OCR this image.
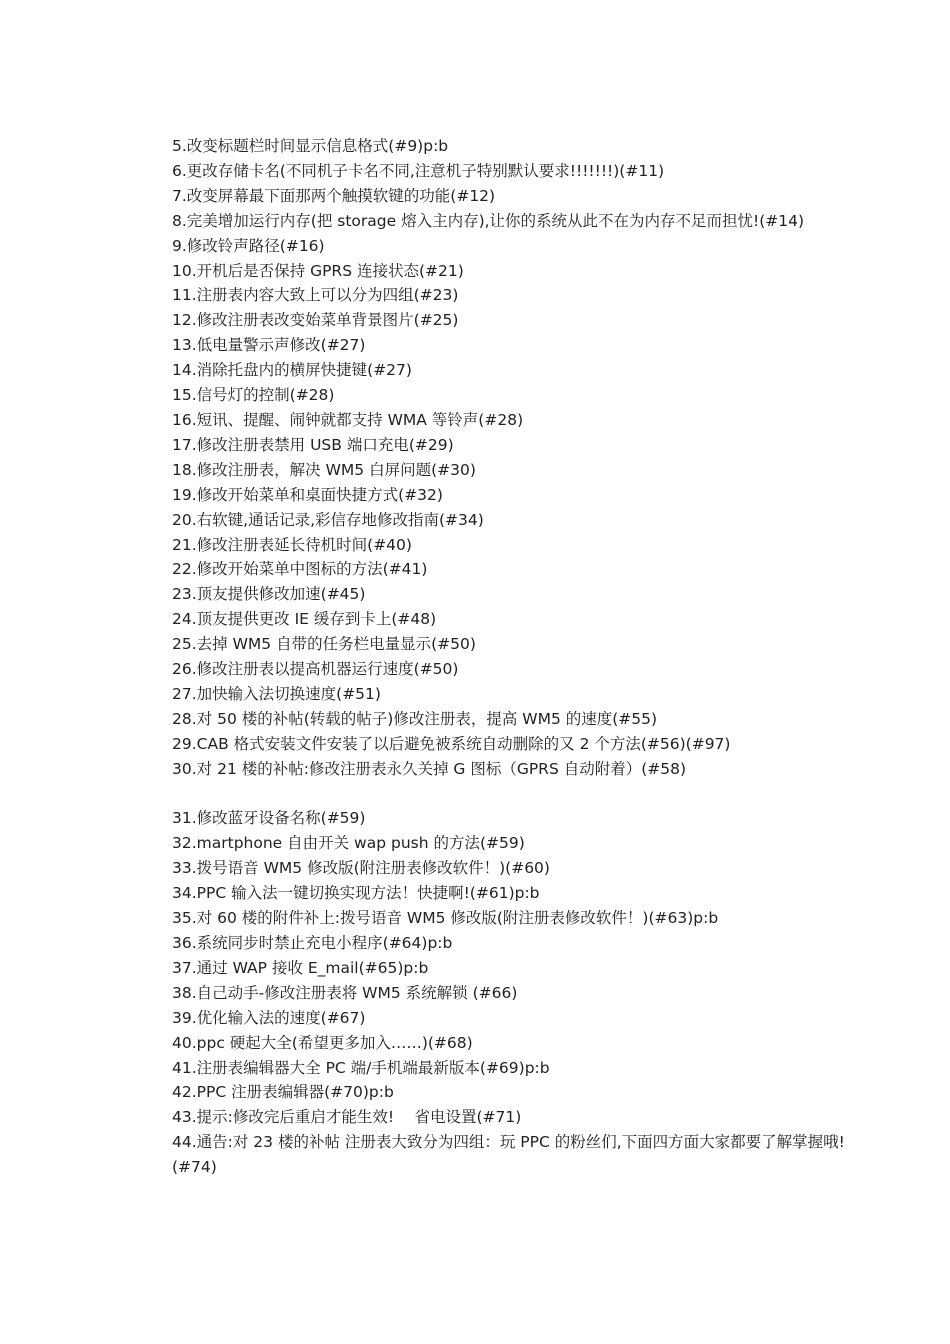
5.改变标题栏时间显示信息格式(#9)p:b
6.更改存储卡名(不同机子卡名不同,注意机子特别默认要求!!!!!!!)(#11)
7.改变屏幕最下面那两个触摸软键的功能(#12)
8.完美增加运行内存(把 storage 熔入主内存),让你的系统从此不在为内存不足而担忧!(#14)
9.修改铃声路径(#16)
10.开机后是否保持 GPRS 连接状态(#21)
11.注册表内容大致上可以分为四组(#23)
12.修改注册表改变始菜单背景图片(#25)
13.低电量警示声修改(#27)
14.消除托盘内的横屏快捷键(#27)
15.信号灯的控制(#28)
16.短讯、提醒、闹钟就都支持 WMA 等铃声(#28)
17.修改注册表禁用 USB 端口充电(#29)
18.修改注册表，解决 WM5 白屏问题(#30)
19.修改开始菜单和桌面快捷方式(#32)
20.右软键,通话记录,彩信存地修改指南(#34)
21.修改注册表延长待机时间(#40)
22.修改开始菜单中图标的方法(#41)
23.顶友提供修改加速(#45)
24.顶友提供更改 IE 缓存到卡上(#48)
25.去掉 WM5 自带的任务栏电量显示(#50)
26.修改注册表以提高机器运行速度(#50)
27.加快输入法切换速度(#51)
28.对 50 楼的补帖(转载的帖子)修改注册表，提高 WM5 的速度(#55)
29.CAB 格式安装文件安装了以后避免被系统自动删除的又 2 个方法(#56)(#97)
30.对 21 楼的补帖:修改注册表永久关掉 G 图标（GPRS 自动附着）(#58)
31.修改蓝牙设备名称(#59)
32.martphone 自由开关 wap push 的方法(#59)
33.拨号语音 WM5 修改版(附注册表修改软件！)(#60)
34.PPC 输入法一键切换实现方法！快捷啊!(#61)p:b
35.对 60 楼的附件补上:拨号语音 WM5 修改版(附注册表修改软件！)(#63)p:b
36.系统同步时禁止充电小程序(#64)p:b
37.通过 WAP 接收 E_mail(#65)p:b
38.自己动手-修改注册表将 WM5 系统解锁 (#66)
39.优化输入法的速度(#67)
40.ppc 硬起大全(希望更多加入……)(#68)
41.注册表编辑器大全 PC 端/手机端最新版本(#69)p:b
42.PPC 注册表编辑器(#70)p:b
43.提示:修改完后重启才能生效!　 省电设置(#71)
44.通告:对 23 楼的补帖 注册表大致分为四组：玩 PPC 的粉丝们,下面四方面大家都要了解掌握哦!(#74)
